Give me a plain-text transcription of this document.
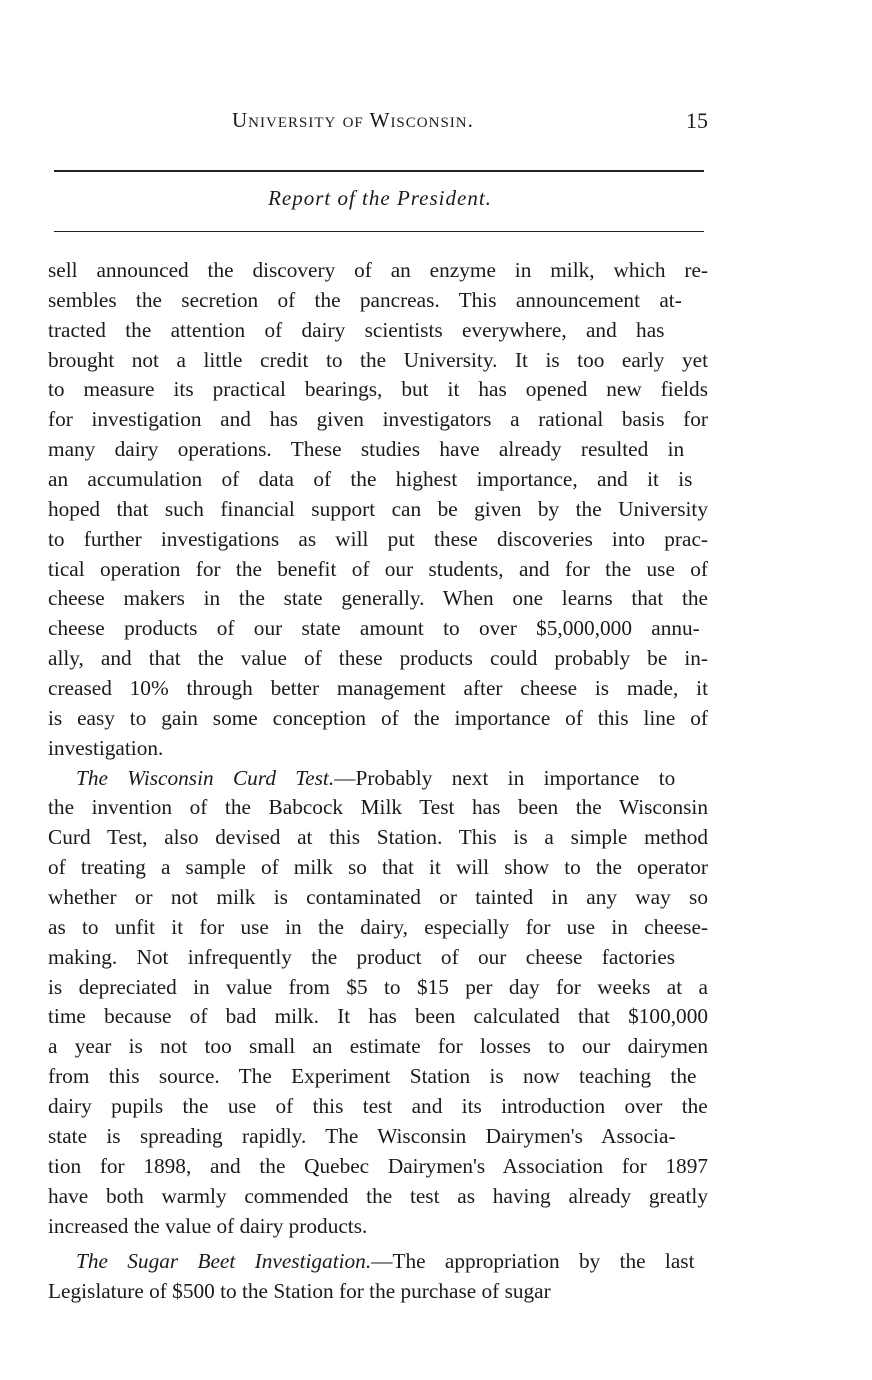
University of Wisconsin.	15
Report of the President.
sell announced the discovery of an enzyme in milk, which re-
sembles the secretion of the pancreas. This announcement at-
tracted the attention of dairy scientists everywhere, and has
brought not a little credit to the University. It is too early yet
to measure its practical bearings, but it has opened new fields
for investigation and has given investigators a rational basis for
many dairy operations. These studies have already resulted in
an accumulation of data of the highest importance, and it is
hoped that such financial support can be given by the University
to further investigations as will put these discoveries into prac-
tical operation for the benefit of our students, and for the use of
cheese makers in the state generally. When one learns that the
cheese products of our state amount to over $5,000,000 annu-
ally, and that the value of these products could probably be in-
creased 10% through better management after cheese is made, it
is easy to gain some conception of the importance of this line of
investigation.
The Wisconsin Curd Test.—Probably next in importance to
the invention of the Babcock Milk Test has been the Wisconsin
Curd Test, also devised at this Station. This is a simple method
of treating a sample of milk so that it will show to the operator
whether or not milk is contaminated or tainted in any way so
as to unfit it for use in the dairy, especially for use in cheese-
making. Not infrequently the product of our cheese factories
is depreciated in value from $5 to $15 per day for weeks at a
time because of bad milk. It has been calculated that $100,000
a year is not too small an estimate for losses to our dairymen
from this source. The Experiment Station is now teaching the
dairy pupils the use of this test and its introduction over the
state is spreading rapidly. The Wisconsin Dairymen's Associa-
tion for 1898, and the Quebec Dairymen's Association for 1897
have both warmly commended the test as having already greatly
increased the value of dairy products.
The Sugar Beet Investigation.—The appropriation by the last
Legislature of $500 to the Station for the purchase of sugar
